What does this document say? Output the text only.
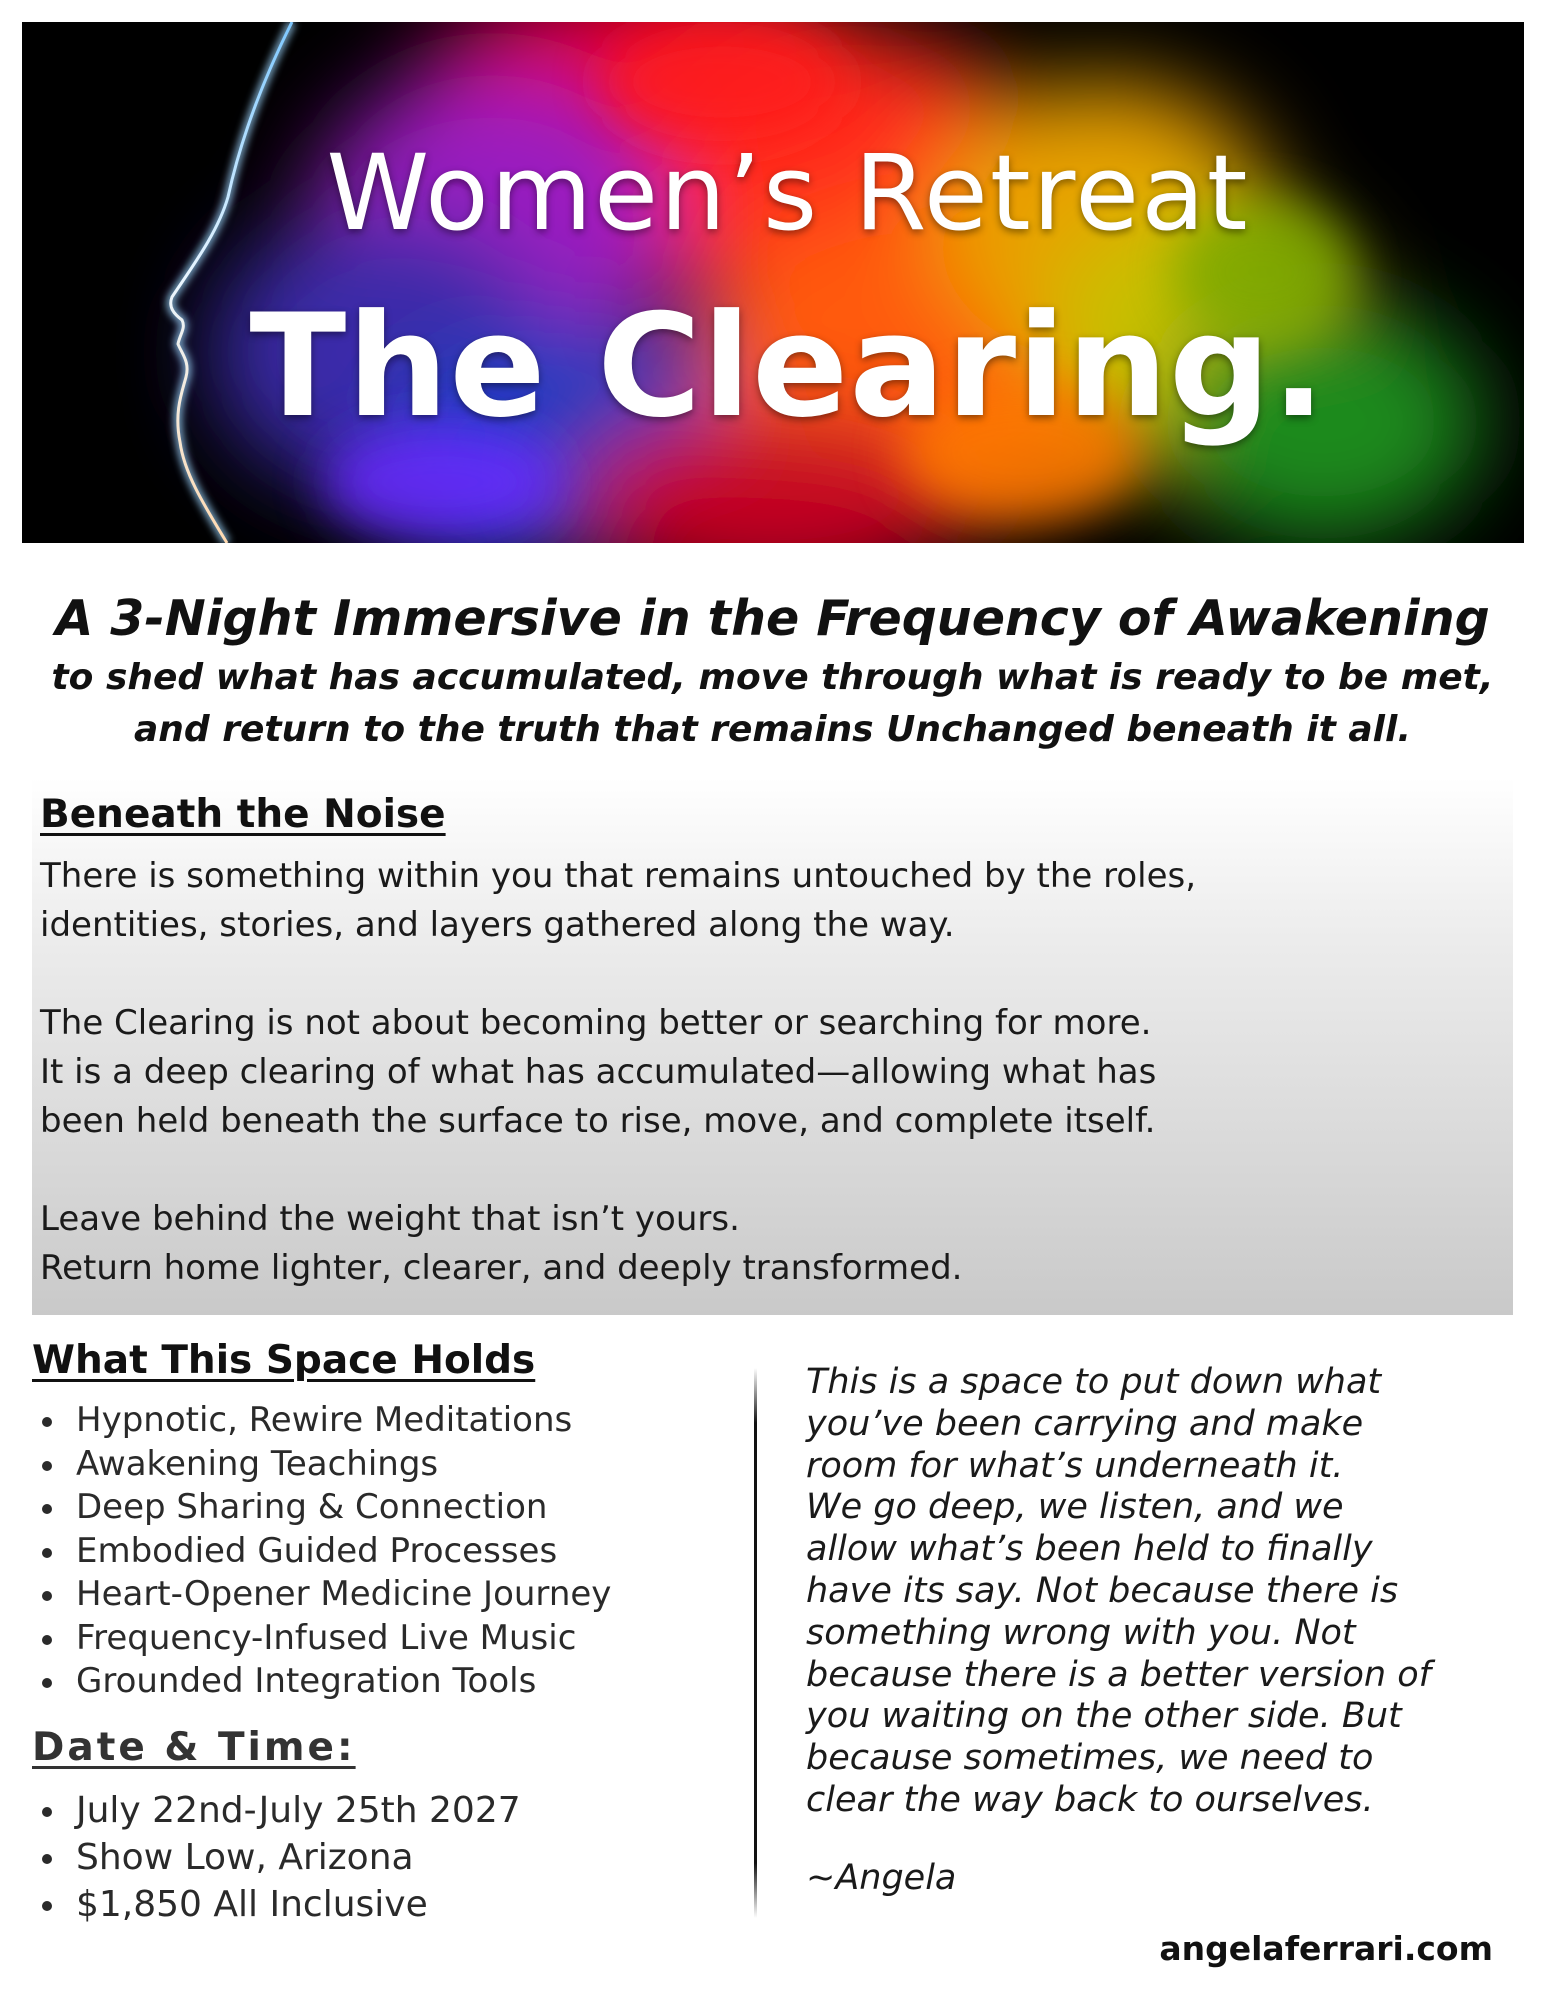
Women’s Retreat
The Clearing.
A 3-Night Immersive in the Frequency of Awakening
to shed what has accumulated, move through what is ready to be met,
and return to the truth that remains Unchanged beneath it all.
Beneath the Noise

There is something within you that remains untouched by the roles,

identities, stories, and layers gathered along the way.

The Clearing is not about becoming better or searching for more.

It is a deep clearing of what has accumulated—allowing what has

been held beneath the surface to rise, move, and complete itself.

Leave behind the weight that isn’t yours.

Return home lighter, clearer, and deeply transformed.

What This Space Holds
Hypnotic, Rewire Meditations
Awakening Teachings
Deep Sharing & Connection
Embodied Guided Processes
Heart-Opener Medicine Journey
Frequency-Infused Live Music
Grounded Integration Tools
Date & Time:
July 22nd-July 25th 2027
Show Low, Arizona
$1,850 All Inclusive

This is a space to put down what

you’ve been carrying and make

room for what’s underneath it.

We go deep, we listen, and we

allow what’s been held to finally

have its say. Not because there is

something wrong with you. Not

because there is a better version of

you waiting on the other side. But

because sometimes, we need to

clear the way back to ourselves.

~Angela
angelaferrari.com
